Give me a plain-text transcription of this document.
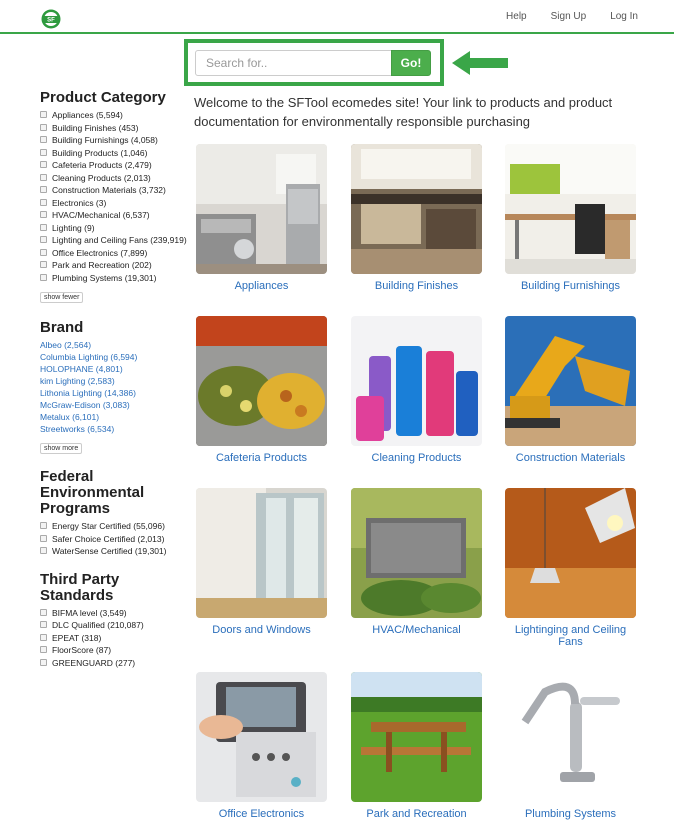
SF	Help Sign Up Log In
Search for..
Go!

Welcome to the SFTool ecomedes site! Your link to products and product documentation for environmentally responsible purchasing

Product Category
Appliances (5,594)
Building Finishes (453)
Building Furnishings (4,058)
Building Products (1,046)
Cafeteria Products (2,479)
Cleaning Products (2,013)
Construction Materials (3,732)
Electronics (3)
HVAC/Mechanical (6,537)
Lighting (9)
Lighting and Ceiling Fans (239,919)
Office Electronics (7,899)
Park and Recreation (202)
Plumbing Systems (19,301)
show fewer
Brand
Albeo (2,564)
Columbia Lighting (6,594)
HOLOPHANE (4,801)
kim Lighting (2,583)
Lithonia Lighting (14,386)
McGraw-Edison (3,083)
Metalux (6,101)
Streetworks (6,534)
show more
Federal Environmental Programs
Energy Star Certified (55,096)
Safer Choice Certified (2,013)
WaterSense Certified (19,301)
Third Party Standards
BIFMA level (3,549)
DLC Qualified (210,087)
EPEAT (318)
FloorScore (87)
GREENGUARD (277)
Appliances	Building Finishes	Building Furnishings
Cafeteria Products	Cleaning Products	Construction Materials
Doors and Windows	HVAC/Mechanical	Lightinging and Ceiling Fans
Office Electronics	Park and Recreation	Plumbing Systems
